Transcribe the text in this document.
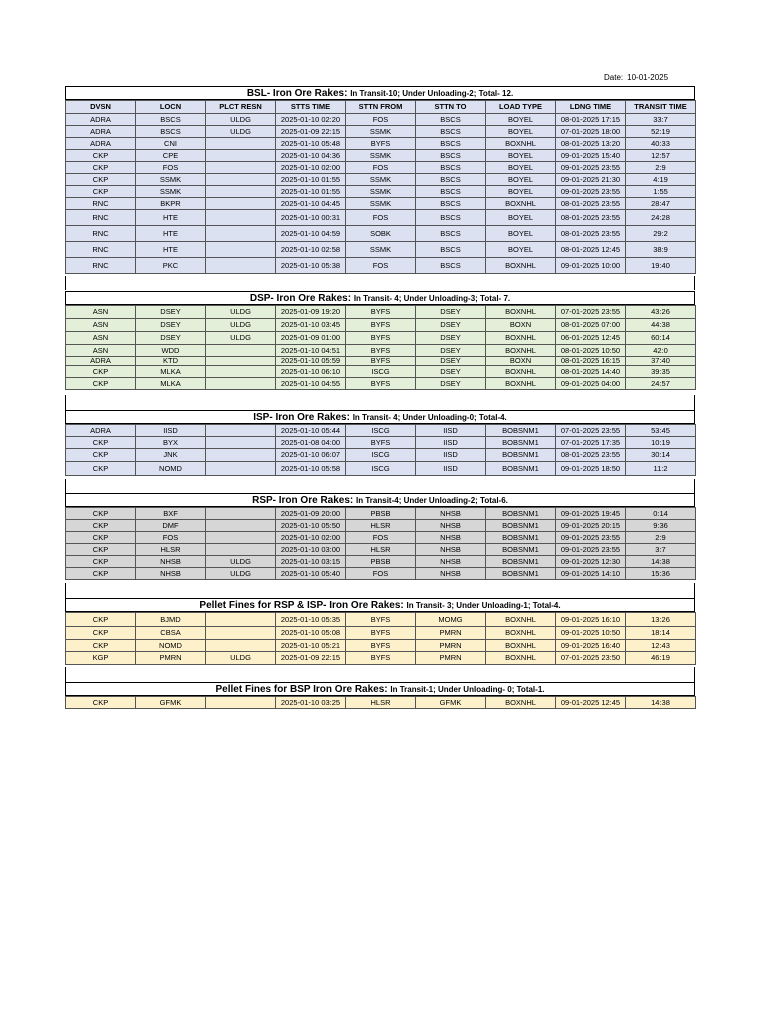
Date: 10-01-2025
BSL- Iron Ore Rakes: In Transit-10; Under Unloading-2; Total- 12.
DVSN	LOCN	PLCT RESN	STTS TIME	STTN FROM	STTN TO	LOAD TYPE	LDNG TIME	TRANSIT TIME
ADRA	BSCS	ULDG	2025-01-10 02:20	FOS	BSCS	BOYEL	08-01-2025 17:15	33:7
ADRA	BSCS	ULDG	2025-01-09 22:15	SSMK	BSCS	BOYEL	07-01-2025 18:00	52:19
ADRA	CNI		2025-01-10 05:48	BYFS	BSCS	BOXNHL	08-01-2025 13:20	40:33
CKP	CPE		2025-01-10 04:36	SSMK	BSCS	BOYEL	09-01-2025 15:40	12:57
CKP	FOS		2025-01-10 02:00	FOS	BSCS	BOYEL	09-01-2025 23:55	2:9
CKP	SSMK		2025-01-10 01:55	SSMK	BSCS	BOYEL	09-01-2025 21:30	4:19
CKP	SSMK		2025-01-10 01:55	SSMK	BSCS	BOYEL	09-01-2025 23:55	1:55
RNC	BKPR		2025-01-10 04:45	SSMK	BSCS	BOXNHL	08-01-2025 23:55	28:47
RNC	HTE		2025-01-10 00:31	FOS	BSCS	BOYEL	08-01-2025 23:55	24:28
RNC	HTE		2025-01-10 04:59	SOBK	BSCS	BOYEL	08-01-2025 23:55	29:2
RNC	HTE		2025-01-10 02:58	SSMK	BSCS	BOYEL	08-01-2025 12:45	38:9
RNC	PKC		2025-01-10 05:38	FOS	BSCS	BOXNHL	09-01-2025 10:00	19:40
DSP- Iron Ore Rakes: In Transit- 4; Under Unloading-3; Total- 7.
ASN	DSEY	ULDG	2025-01-09 19:20	BYFS	DSEY	BOXNHL	07-01-2025 23:55	43:26
ASN	DSEY	ULDG	2025-01-10 03:45	BYFS	DSEY	BOXN	08-01-2025 07:00	44:38
ASN	DSEY	ULDG	2025-01-09 01:00	BYFS	DSEY	BOXNHL	06-01-2025 12:45	60:14
ASN	WDD		2025-01-10 04:51	BYFS	DSEY	BOXNHL	08-01-2025 10:50	42:0
ADRA	KTD		2025-01-10 05:59	BYFS	DSEY	BOXN	08-01-2025 16:15	37:40
CKP	MLKA		2025-01-10 06:10	ISCG	DSEY	BOXNHL	08-01-2025 14:40	39:35
CKP	MLKA		2025-01-10 04:55	BYFS	DSEY	BOXNHL	09-01-2025 04:00	24:57
ISP- Iron Ore Rakes: In Transit- 4; Under Unloading-0; Total-4.
ADRA	IISD		2025-01-10 05:44	ISCG	IISD	BOBSNM1	07-01-2025 23:55	53:45
CKP	BYX		2025-01-08 04:00	BYFS	IISD	BOBSNM1	07-01-2025 17:35	10:19
CKP	JNK		2025-01-10 06:07	ISCG	IISD	BOBSNM1	08-01-2025 23:55	30:14
CKP	NOMD		2025-01-10 05:58	ISCG	IISD	BOBSNM1	09-01-2025 18:50	11:2
RSP- Iron Ore Rakes: In Transit-4; Under Unloading-2; Total-6.
CKP	BXF		2025-01-09 20:00	PBSB	NHSB	BOBSNM1	09-01-2025 19:45	0:14
CKP	DMF		2025-01-10 05:50	HLSR	NHSB	BOBSNM1	09-01-2025 20:15	9:36
CKP	FOS		2025-01-10 02:00	FOS	NHSB	BOBSNM1	09-01-2025 23:55	2:9
CKP	HLSR		2025-01-10 03:00	HLSR	NHSB	BOBSNM1	09-01-2025 23:55	3:7
CKP	NHSB	ULDG	2025-01-10 03:15	PBSB	NHSB	BOBSNM1	09-01-2025 12:30	14:38
CKP	NHSB	ULDG	2025-01-10 05:40	FOS	NHSB	BOBSNM1	09-01-2025 14:10	15:36
Pellet Fines for RSP & ISP- Iron Ore Rakes: In Transit- 3; Under Unloading-1; Total-4.
CKP	BJMD		2025-01-10 05:35	BYFS	MOMG	BOXNHL	09-01-2025 16:10	13:26
CKP	CBSA		2025-01-10 05:08	BYFS	PMRN	BOXNHL	09-01-2025 10:50	18:14
CKP	NOMD		2025-01-10 05:21	BYFS	PMRN	BOXNHL	09-01-2025 16:40	12:43
KGP	PMRN	ULDG	2025-01-09 22:15	BYFS	PMRN	BOXNHL	07-01-2025 23:50	46:19
Pellet Fines for BSP Iron Ore Rakes: In Transit-1; Under Unloading- 0; Total-1.
CKP	GFMK		2025-01-10 03:25	HLSR	GFMK	BOXNHL	09-01-2025 12:45	14:38
